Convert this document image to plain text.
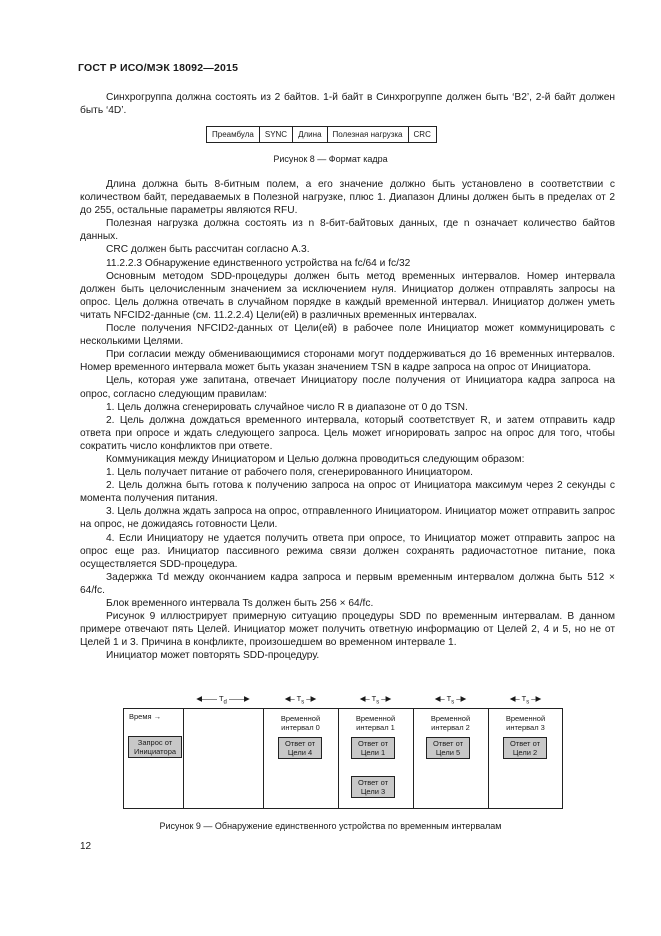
ГОСТ Р ИСО/МЭК 18092—2015

Синхрогруппа должна состоять из 2 байтов. 1-й байт в Синхрогруппе должен быть ‘B2’, 2-й байт должен быть ‘4D’.

Преамбула	SYNC	Длина	Полезная нагрузка	CRC
Рисунок 8 — Формат кадра

Длина должна быть 8-битным полем, а его значение должно быть установлено в соответствии с количеством байт, передаваемых в Полезной нагрузке, плюс 1. Диапазон Длины должен быть в пределах от 2 до 255, остальные параметры являются RFU.

Полезная нагрузка должна состоять из n 8-бит-байтовых данных, где n означает количество байтов данных.

CRC должен быть рассчитан согласно А.3.

11.2.2.3 Обнаружение единственного устройства на fc/64 и fc/32

Основным методом SDD-процедуры должен быть метод временных интервалов. Номер интервала должен быть целочисленным значением за исключением нуля. Инициатор должен отправлять запросы на опрос. Цель должна отвечать в случайном порядке в каждый временной интервал. Инициатор должен уметь читать NFCID2-данные (см. 11.2.2.4) Цели(ей) в различных временных интервалах.

После получения NFCID2-данных от Цели(ей) в рабочее поле Инициатор может коммуницировать с несколькими Целями.

При согласии между обменивающимися сторонами могут поддерживаться до 16 временных интервалов. Номер временного интервала может быть указан значением TSN в кадре запроса на опрос от Инициатора.

Цель, которая уже запитана, отвечает Инициатору после получения от Инициатора кадра запроса на опрос, согласно следующим правилам:

1. Цель должна сгенерировать случайное число R в диапазоне от 0 до TSN.

2. Цель должна дождаться временного интервала, который соответствует R, и затем отправить кадр ответа при опросе и ждать следующего запроса. Цель может игнорировать запрос на опрос для того, чтобы сократить число конфликтов при ответе.

Коммуникация между Инициатором и Целью должна проводиться следующим образом:

1. Цель получает питание от рабочего поля, сгенерированного Инициатором.

2. Цель должна быть готова к получению запроса на опрос от Инициатора максимум через 2 секунды с момента получения питания.

3. Цель должна ждать запроса на опрос, отправленного Инициатором. Инициатор может отправить запрос на опрос, не дожидаясь готовности Цели.

4. Если Инициатору не удается получить ответа при опросе, то Инициатор может отправить запрос на опрос еще раз. Инициатор пассивного режима связи должен сохранять радиочастотное питание, пока осуществляется SDD-процедура.

Задержка Td между окончанием кадра запроса и первым временным интервалом должна быть 512 × 64/fc.

Блок временного интервала Ts должен быть 256 × 64/fc.

Рисунок 9 иллюстрирует примерную ситуацию процедуры SDD по временным интервалам. В данном примере отвечают пять Целей. Инициатор может получить ответную информацию от Целей 2, 4 и 5, но не от Целей 1 и 3. Причина в конфликте, произошедшем во временном интервале 1.

Инициатор может повторять SDD-процедуру.

◀—— $T_d$ ——▶	◀– $T_s$ –▶	◀– $T_s$ –▶	◀– $T_s$ –▶	◀– $T_s$ –▶
Время →
Запрос от Инициатора
Временной интервал 0
Временной интервал 1
Временной интервал 2
Временной интервал 3
Ответ от Цели 4
Ответ от Цели 1
Ответ от Цели 3
Ответ от Цели 5
Ответ от Цели 2
Рисунок 9 — Обнаружение единственного устройства по временным интервалам
12
